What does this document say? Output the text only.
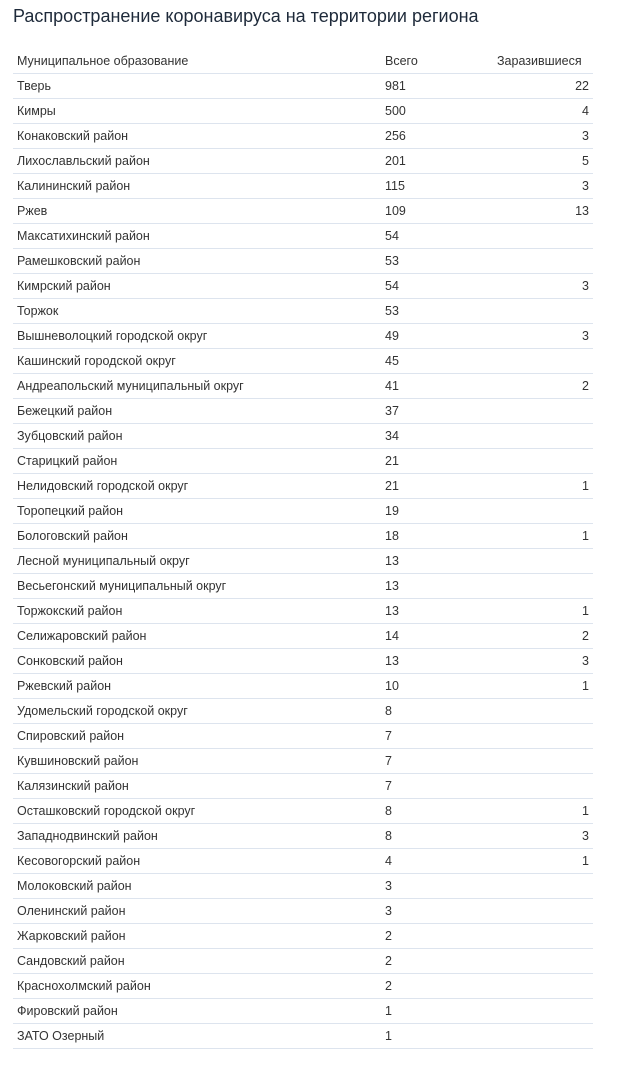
Распространение коронавируса на территории региона
Муниципальное образование	Всего	Заразившиеся
Тверь	981	22
Кимры	500	4
Конаковский район	256	3
Лихославльский район	201	5
Калининский район	115	3
Ржев	109	13
Максатихинский район	54	
Рамешковский район	53	
Кимрский район	54	3
Торжок	53	
Вышневолоцкий городской округ	49	3
Кашинский городской округ	45	
Андреапольский муниципальный округ	41	2
Бежецкий район	37	
Зубцовский район	34	
Старицкий район	21	
Нелидовский городской округ	21	1
Торопецкий район	19	
Бологовский район	18	1
Лесной муниципальный округ	13	
Весьегонский муниципальный округ	13	
Торжокский район	13	1
Селижаровский район	14	2
Сонковский район	13	3
Ржевский район	10	1
Удомельский городской округ	8	
Спировский район	7	
Кувшиновский район	7	
Калязинский район	7	
Осташковский городской округ	8	1
Западнодвинский район	8	3
Кесовогорский район	4	1
Молоковский район	3	
Оленинский район	3	
Жарковский район	2	
Сандовский район	2	
Краснохолмский район	2	
Фировский район	1	
ЗАТО Озерный	1	
